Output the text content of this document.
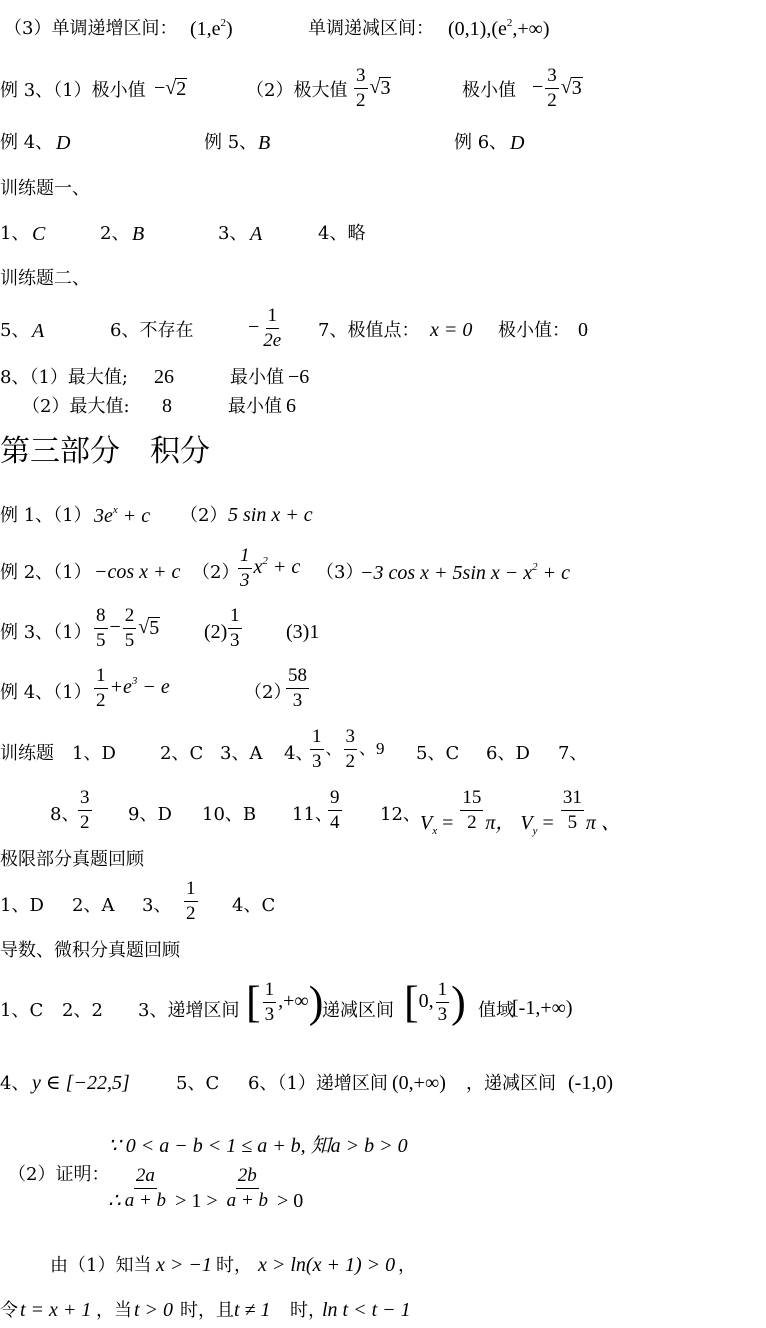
（3）单调递增区间： $(1,e^2)$	单调递减区间： $(0,1),(e^2,+\infty)$
例 3、（1）极小值 − √ 2	（2）极大值 $\frac{3}{2}$ √ 3	极小值 − $\frac{3}{2}$ √ 3
例 4、 D	例 5、 B	例 6、 D
训练题一、
1、 C	2、 B	3、 A	4、略
训练题二、
5、 A	6、不存在	− $\frac{1}{2e} 7$、极值点： x = 0 极小值： 0
8、（1）最大值; 26	最小值 −6
（2）最大值: 8	最小值 6
第三部分　积分
例 1、（1） $3e^x + c$ （2） 5 sin x + c
例 2、（1） −cos x + c （2）
$\frac{1}{3} x^2 + c$ （3）
−3 cos x + 5sin $x - x^2 + c$
例 3、$(1) \frac{8}{5} - \frac{2}{5}$ √ 5 $(2) \frac{1}{3} (3)1$
例 4、$(1) \frac{1}{2} +e^3 - e$	（2）
$\frac{58}{3}$
训练题　1、D 2、C 3、A 4、
$\frac{1}{3}$ 、 $\frac{3}{2}$ 、9 5、C 6、D 7、
8、
$\frac{3}{2} 9$、D 10、B 11、
$\frac{9}{4} 12$、 $V_x = \frac{15}{2}$ π， $V_y = \frac{31}{5}$ π 、
极限部分真题回顾
1、D 2、A 3、 $\frac{1}{2} 4$、C
导数、微积分真题回顾
1、C 2、2 3、递增区间 [ $\frac{1}{3}$ ,+∞)
递减区间 [0, $\frac{1}{3}$ ) 值域
[-1,+∞)
4、 y ∈ [−22,5]	5、C 6、（1）递增区间 (0,+∞) ，递减区间 (-1,0)
∵ 0 < a − b < 1 ≤ a + b, 知a > b > 0
（2）证明：
∴ $\frac{2a}{a + b} > 1 > \frac{2b}{a + b} > 0$
由（1）知当 x > −1 时， x > ln(x + 1) > 0 ，
令 t = x + 1 ，当 t > 0 时，且 t ≠ 1 时，
ln t < t − 1
